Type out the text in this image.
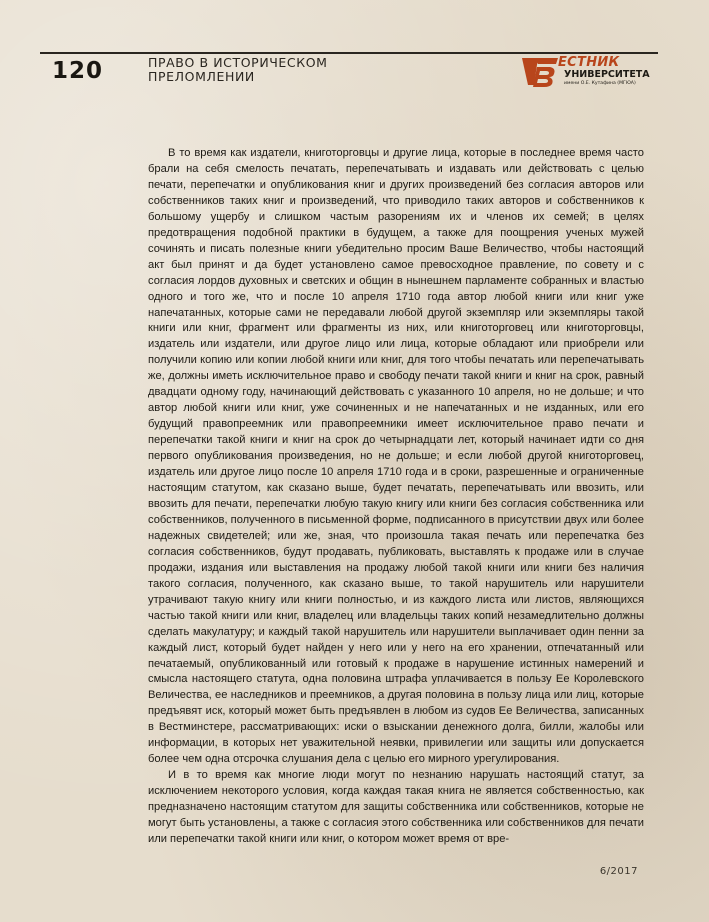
120	ПРАВО В ИСТОРИЧЕСКОМ
ПРЕЛОМЛЕНИИ
ЕСТНИК
УНИВЕРСИТЕТА
имени О.Е. Кутафина (МГЮА)

В то время как издатели, книготорговцы и другие лица, которые в последнее время часто брали на себя смелость печатать, перепечатывать и издавать или действовать с целью печати, перепечатки и опубликования книг и других произведений без согласия авторов или собственников таких книг и произведений, что приводило таких авторов и собственников к большому ущербу и слишком частым разорениям их и членов их семей; в целях предотвращения подобной практики в будущем, а также для поощрения ученых мужей сочинять и писать полезные книги убедительно просим Ваше Величество, чтобы настоящий акт был принят и да будет установлено самое превосходное правление, по совету и с согласия лордов духовных и светских и общин в нынешнем парламенте собранных и властью одного и того же, что и после 10 апреля 1710 года автор любой книги или книг уже напечатанных, которые сами не передавали любой другой экземпляр или экземпляры такой книги или книг, фрагмент или фрагменты из них, или книготорговец или книготорговцы, издатель или издатели, или другое лицо или лица, которые обладают или приобрели или получили копию или копии любой книги или книг, для того чтобы печатать или перепечатывать же, должны иметь исключительное право и свободу печати такой книги и книг на срок, равный двадцати одному году, начинающий действовать с указанного 10 апреля, но не дольше; и что автор любой книги или книг, уже сочиненных и не напечатанных и не изданных, или его будущий правопреемник или правопреемники имеет исключительное право печати и перепечатки такой книги и книг на срок до четырнадцати лет, который начинает идти со дня первого опубликования произведения, но не дольше; и если любой другой книготорговец, издатель или другое лицо после 10 апреля 1710 года и в сроки, разрешенные и ограниченные настоящим статутом, как сказано выше, будет печатать, перепечатывать или ввозить, или ввозить для печати, перепечатки любую такую книгу или книги без согласия собственника или собственников, полученного в письменной форме, подписанного в присутствии двух или более надежных свидетелей; или же, зная, что произошла такая печать или перепечатка без согласия собственников, будут продавать, публиковать, выставлять к продаже или в случае продажи, издания или выставления на продажу любой такой книги или книги без наличия такого согласия, полученного, как сказано выше, то такой нарушитель или нарушители утрачивают такую книгу или книги полностью, и из каждого листа или листов, являющихся частью такой книги или книг, владелец или владельцы таких копий незамедлительно должны сделать макулатуру; и каждый такой нарушитель или нарушители выплачивает один пенни за каждый лист, который будет найден у него или у него на его хранении, отпечатанный или печатаемый, опубликованный или готовый к продаже в нарушение истинных намерений и смысла настоящего статута, одна половина штрафа уплачивается в пользу Ее Королевского Величества, ее наследников и преемников, а другая половина в пользу лица или лиц, которые предъявят иск, который может быть предъявлен в любом из судов Ее Величества, записанных в Вестминстере, рассматривающих: иски о взыскании денежного долга, билли, жалобы или информации, в которых нет уважительной неявки, привилегии или защиты или допускается более чем одна отсрочка слушания дела с целью его мирного урегулирования.

И в то время как многие люди могут по незнанию нарушать настоящий статут, за исключением некоторого условия, когда каждая такая книга не является собственностью, как предназначено настоящим статутом для защиты собственника или собственников, которые не могут быть установлены, а также с согласия этого собственника или собственников для печати или перепечатки такой книги или книг, о котором может время от вре-

6/2017
